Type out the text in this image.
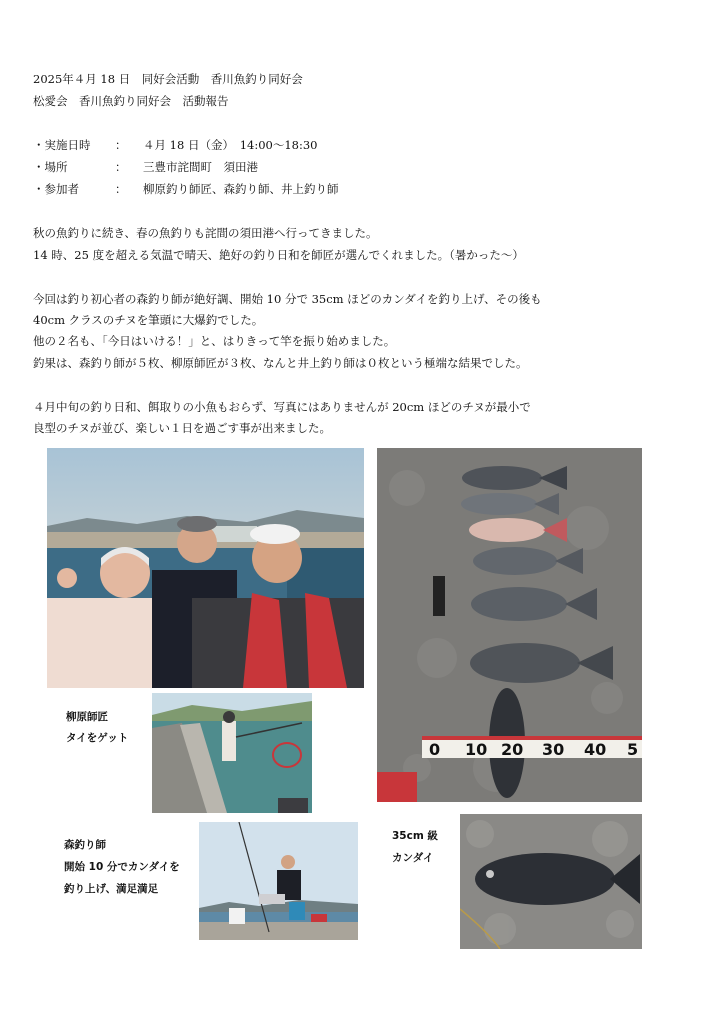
2025年４月 18 日　同好会活動　香川魚釣り同好会
松愛会　香川魚釣り同好会　活動報告
・実施日時 ： ４月 18 日（金）　14:00～18:30
・場所	： 三豊市詫間町　須田港
・参加者	： 柳原釣り師匠、森釣り師、井上釣り師
秋の魚釣りに続き、春の魚釣りも詫間の須田港へ行ってきました。
14 時、25 度を超える気温で晴天、絶好の釣り日和を師匠が選んでくれました。（暑かった～）
今回は釣り初心者の森釣り師が絶好調、開始 10 分で 35cm ほどのカンダイを釣り上げ、その後も
40cm クラスのチヌを筆頭に大爆釣でした。
他の２名も、「今日はいける！」と、はりきって竿を振り始めました。
釣果は、森釣り師が５枚、柳原師匠が３枚、なんと井上釣り師は０枚という極端な結果でした。
４月中旬の釣り日和、餌取りの小魚もおらず、写真にはありませんが 20cm ほどのチヌが最小で
良型のチヌが並び、楽しい１日を過ごす事が出来ました。
0 10 20 30 40 5
柳原師匠
タイをゲット
森釣り師
開始 10 分でカンダイを
釣り上げ、満足満足
35cm 級
カンダイ
